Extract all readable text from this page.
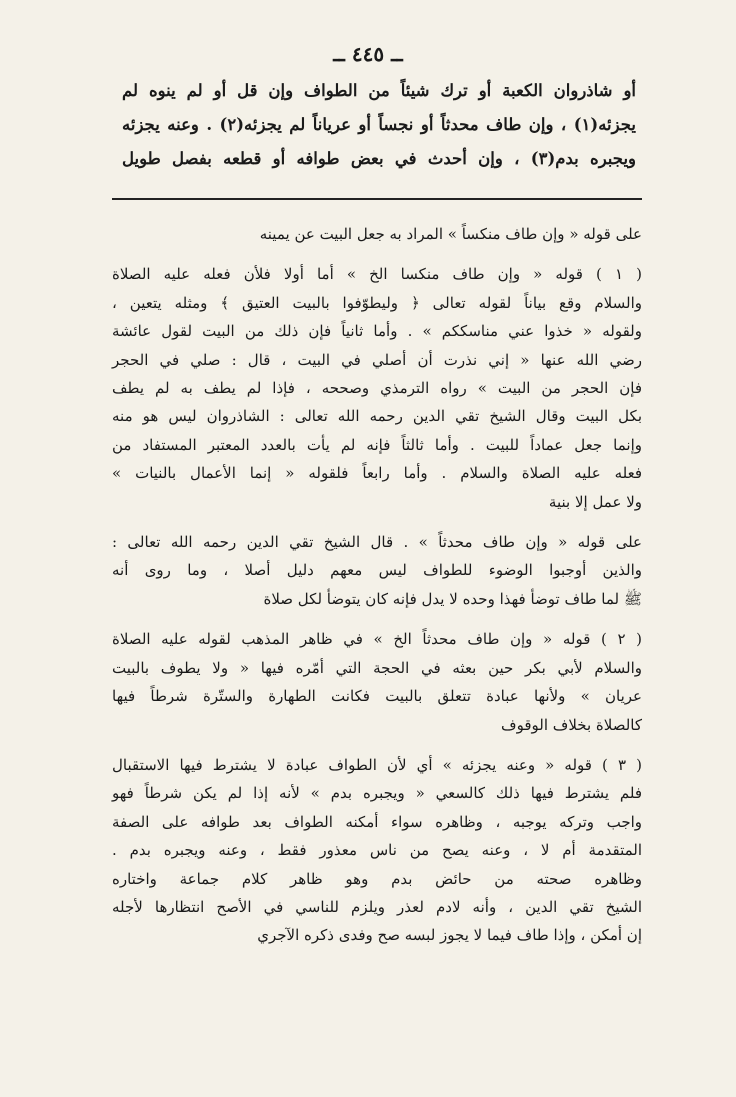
ــ ٤٤٥ ــ
أو شاذروان الكعبة أو ترك شيئاً من الطواف وإن قل أو لم ينوه لم
يجزئه(١) ، وإن طاف محدثاً أو نجساً أو عرياناً لم يجزئه(٢) . وعنه يجزئه
ويجبره بدم(٣) ، وإن أحدث في بعض طوافه أو قطعه بفصل طويل
على قوله « وإن طاف منكساً » المراد به جعل البيت عن يمينه
( ١ ) قوله « وإن طاف منكسا الخ » أما أولا فلأن فعله عليه الصلاة
والسلام وقع بياناً لقوله تعالى ﴿ وليطوّفوا بالبيت العتيق ﴾ ومثله يتعين ،
ولقوله « خذوا عني مناسككم » . وأما ثانياً فإن ذلك من البيت لقول عائشة
رضي الله عنها « إني نذرت أن أصلي في البيت ، قال : صلي في الحجر
فإن الحجر من البيت » رواه الترمذي وصححه ، فإذا لم يطف به لم يطف
بكل البيت وقال الشيخ تقي الدين رحمه الله تعالى : الشاذروان ليس هو منه
وإنما جعل عماداً للبيت . وأما ثالثاً فإنه لم يأت بالعدد المعتبر المستفاد من
فعله عليه الصلاة والسلام . وأما رابعاً فلقوله « إنما الأعمال بالنيات »
ولا عمل إلا بنية
على قوله « وإن طاف محدثاً » . قال الشيخ تقي الدين رحمه الله تعالى :
والذين أوجبوا الوضوء للطواف ليس معهم دليل أصلا ، وما روى أنه
ﷺ لما طاف توضأ فهذا وحده لا يدل فإنه كان يتوضأ لكل صلاة
( ٢ ) قوله « وإن طاف محدثاً الخ » في ظاهر المذهب لقوله عليه الصلاة
والسلام لأبي بكر حين بعثه في الحجة التي أمّره فيها « ولا يطوف بالبيت
عريان » ولأنها عبادة تتعلق بالبيت فكانت الطهارة والستّرة شرطاً فيها
كالصلاة بخلاف الوقوف
( ٣ ) قوله « وعنه يجزئه » أي لأن الطواف عبادة لا يشترط فيها الاستقبال
فلم يشترط فيها ذلك كالسعي « ويجبره بدم » لأنه إذا لم يكن شرطاً فهو
واجب وتركه يوجبه ، وظاهره سواء أمكنه الطواف بعد طوافه على الصفة
المتقدمة أم لا ، وعنه يصح من ناس معذور فقط ، وعنه ويجبره بدم .
وظاهره صحته من حائض بدم وهو ظاهر كلام جماعة واختاره
الشيخ تقي الدين ، وأنه لادم لعذر ويلزم للناسي في الأصح انتظارها لأجله
إن أمكن ، وإذا طاف فيما لا يجوز لبسه صح وفدى ذكره الآجري
